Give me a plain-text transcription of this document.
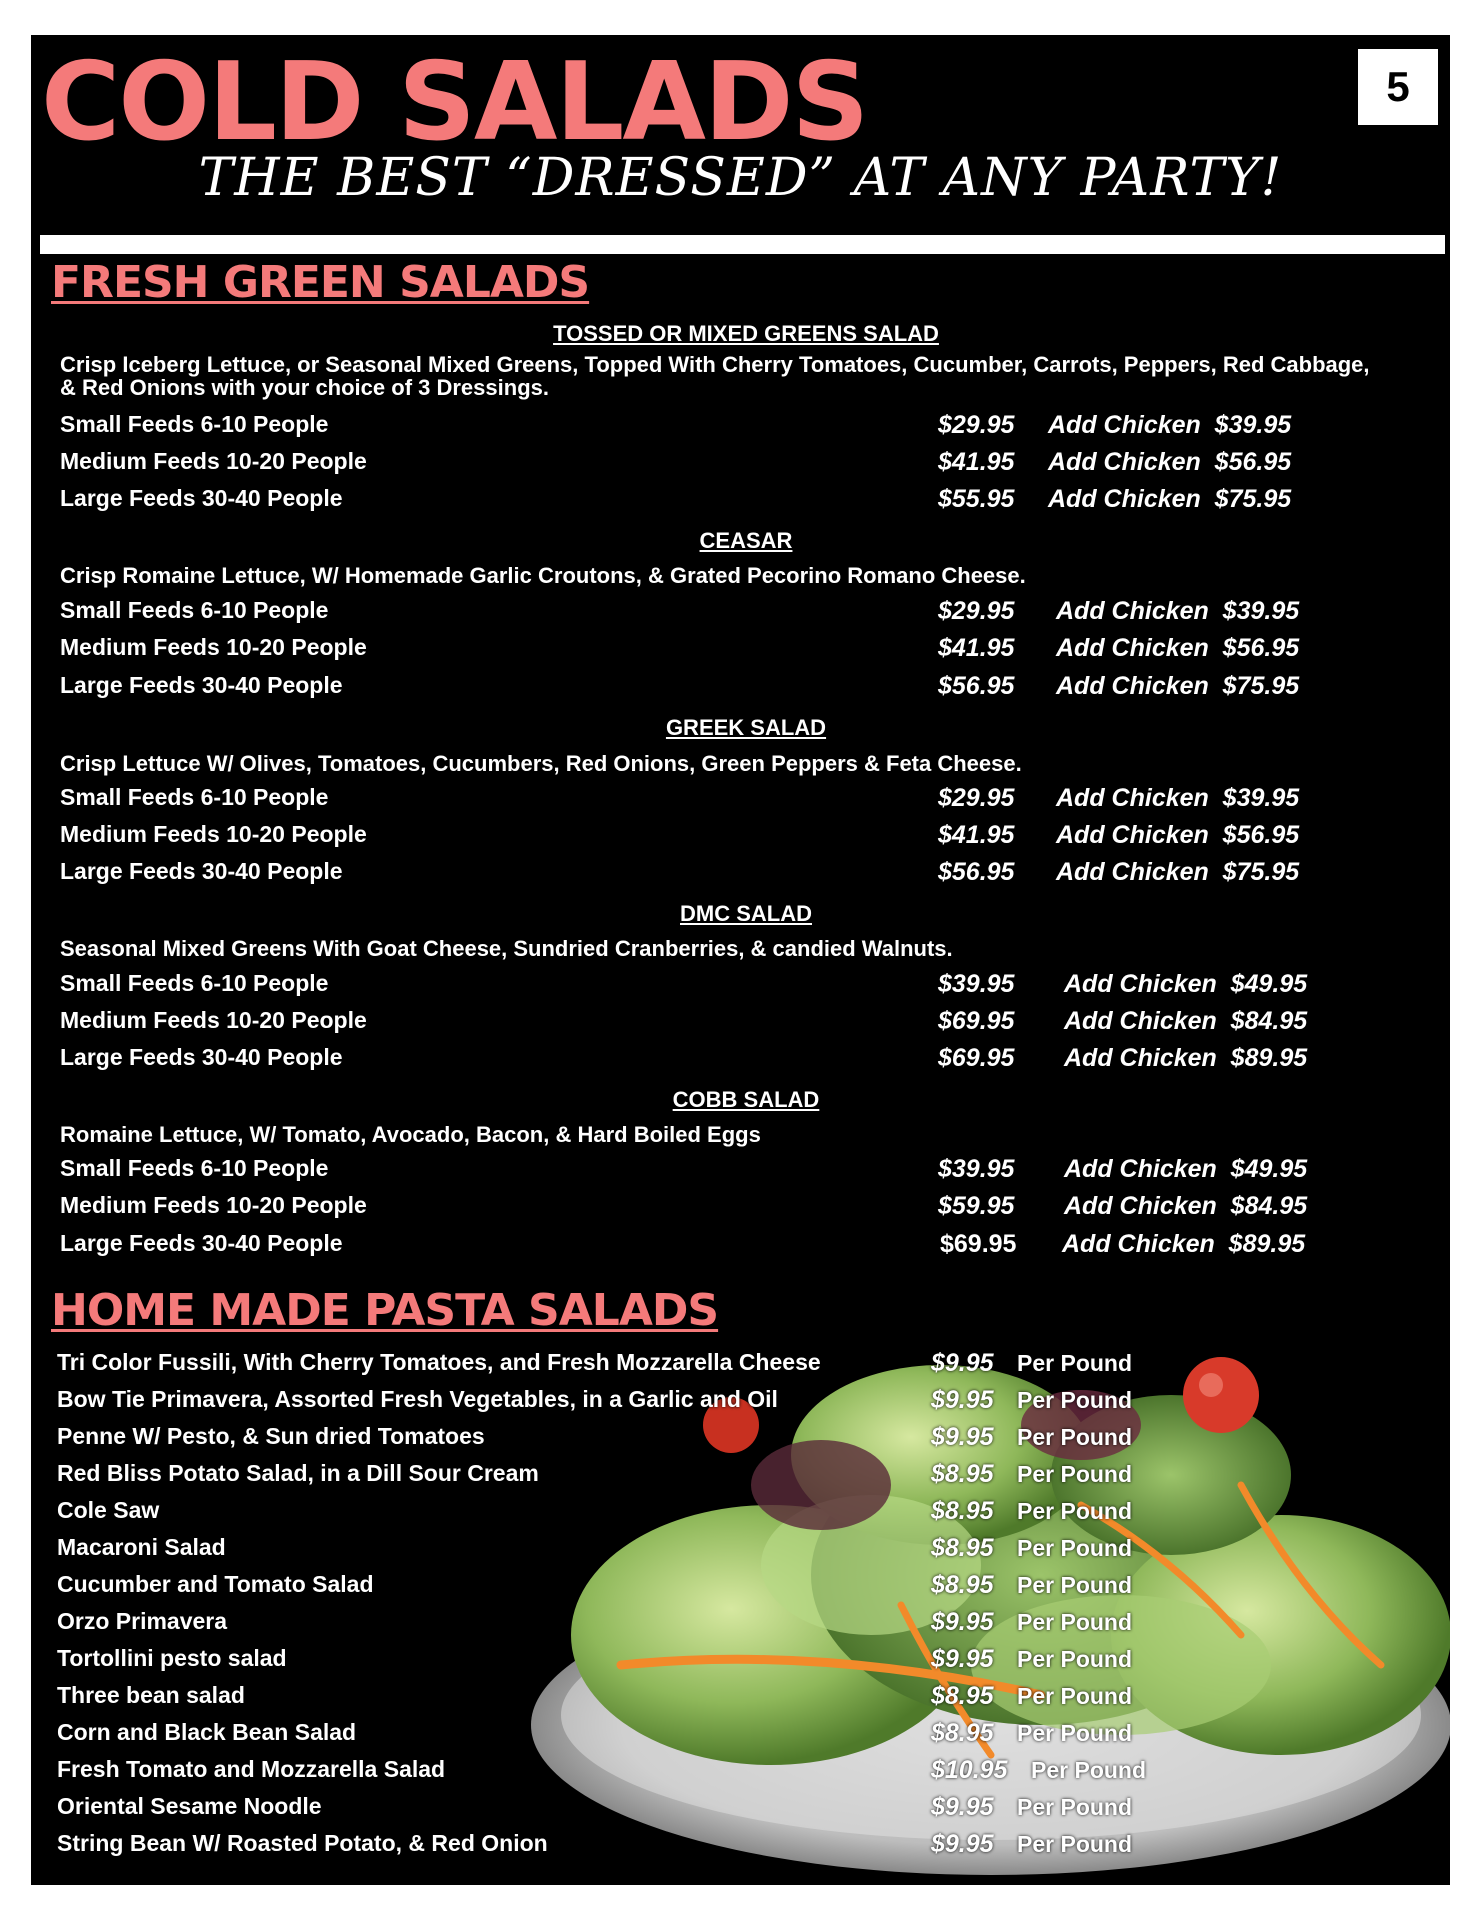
COLD SALADS	5

THE BEST “DRESSED” AT ANY PARTY!

FRESH GREEN SALADS
TOSSED OR MIXED GREENS SALAD
Crisp Iceberg Lettuce, or Seasonal Mixed Greens, Topped With Cherry Tomatoes, Cucumber, Carrots, Peppers, Red Cabbage, & Red Onions with your choice of 3 Dressings.
Small Feeds 6-10 People	$29.95 Add Chicken  $39.95
Medium Feeds 10-20 People	$41.95 Add Chicken  $56.95
Large Feeds 30-40 People	$55.95 Add Chicken  $75.95
CEASAR
Crisp Romaine Lettuce, W/ Homemade Garlic Croutons, & Grated Pecorino Romano Cheese.
Small Feeds 6-10 People	$29.95 Add Chicken  $39.95
Medium Feeds 10-20 People	$41.95 Add Chicken  $56.95
Large Feeds 30-40 People	$56.95 Add Chicken  $75.95
GREEK SALAD
Crisp Lettuce W/ Olives, Tomatoes, Cucumbers, Red Onions, Green Peppers & Feta Cheese.
Small Feeds 6-10 People	$29.95 Add Chicken  $39.95
Medium Feeds 10-20 People	$41.95 Add Chicken  $56.95
Large Feeds 30-40 People	$56.95 Add Chicken  $75.95
DMC SALAD
Seasonal Mixed Greens With Goat Cheese, Sundried Cranberries, & candied Walnuts.
Small Feeds 6-10 People	$39.95 Add Chicken  $49.95
Medium Feeds 10-20 People	$69.95 Add Chicken  $84.95
Large Feeds 30-40 People	$69.95 Add Chicken  $89.95
COBB SALAD
Romaine Lettuce, W/ Tomato, Avocado, Bacon, & Hard Boiled Eggs
Small Feeds 6-10 People	$39.95 Add Chicken  $49.95
Medium Feeds 10-20 People	$59.95 Add Chicken  $84.95
Large Feeds 30-40 People	$69.95 Add Chicken  $89.95
HOME MADE PASTA SALADS
Tri Color Fussili, With Cherry Tomatoes, and Fresh Mozzarella Cheese	$9.95 Per Pound
Bow Tie Primavera, Assorted Fresh Vegetables, in a Garlic and Oil	$9.95 Per Pound
Penne W/ Pesto, & Sun dried Tomatoes	$9.95 Per Pound
Red Bliss Potato Salad, in a Dill Sour Cream	$8.95 Per Pound
Cole Saw	$8.95 Per Pound
Macaroni Salad	$8.95 Per Pound
Cucumber and Tomato Salad	$8.95 Per Pound
Orzo Primavera	$9.95 Per Pound
Tortollini pesto salad	$9.95 Per Pound
Three bean salad	$8.95 Per Pound
Corn and Black Bean Salad	$8.95 Per Pound
Fresh Tomato and Mozzarella Salad	$10.95 Per Pound
Oriental Sesame Noodle	$9.95 Per Pound
String Bean W/ Roasted Potato, & Red Onion	$9.95 Per Pound
